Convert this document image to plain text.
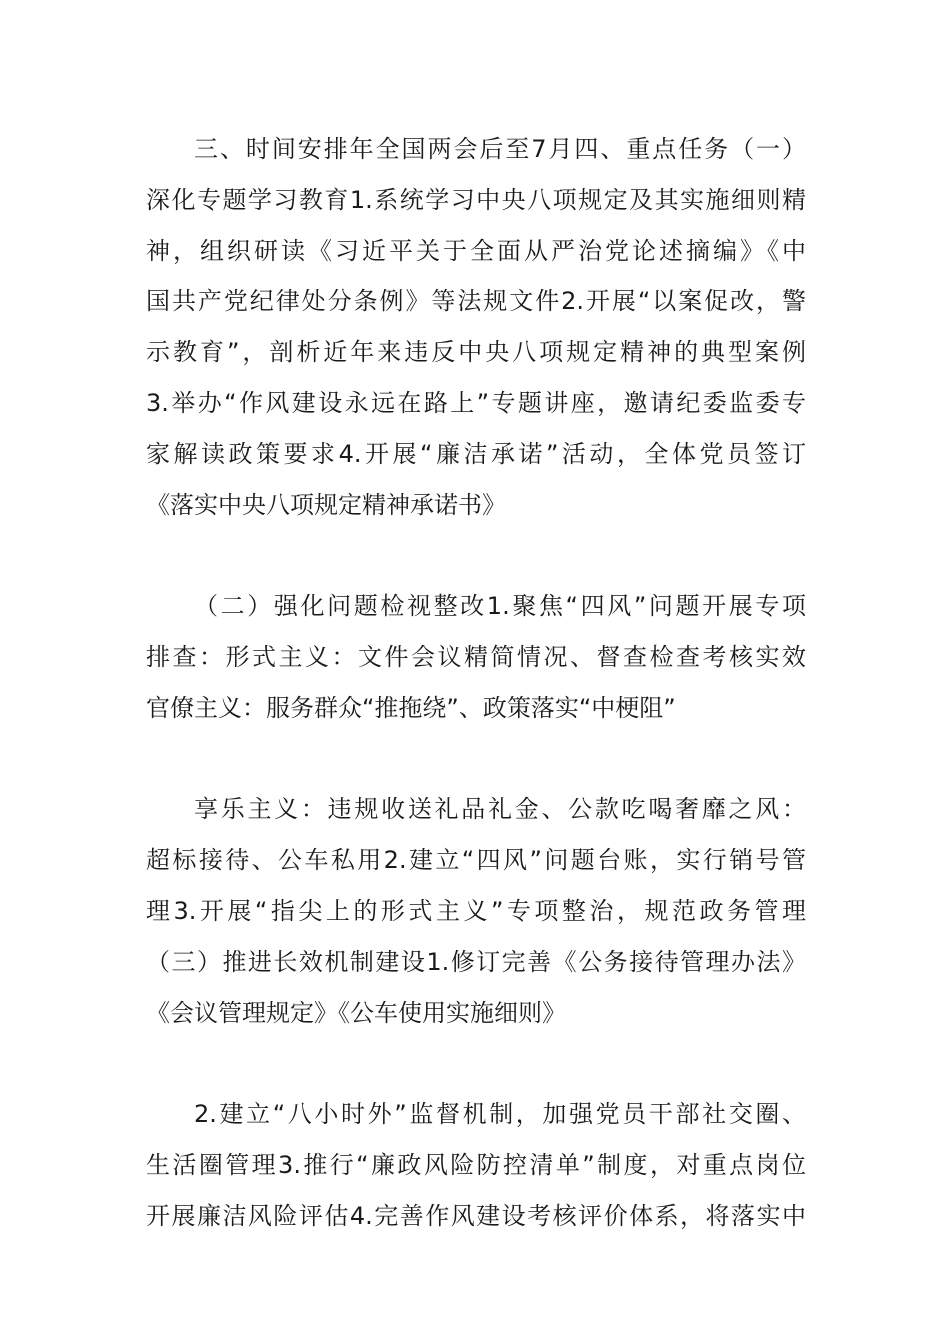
三、时间安排年全国两会后至7月四、重点任务（一）
深化专题学习教育1.系统学习中央八项规定及其实施细则精
神，组织研读《习近平关于全面从严治党论述摘编》《中
国共产党纪律处分条例》等法规文件2.开展“以案促改，警
示教育”，剖析近年来违反中央八项规定精神的典型案例
3.举办“作风建设永远在路上”专题讲座，邀请纪委监委专
家解读政策要求4.开展“廉洁承诺”活动，全体党员签订
《落实中央八项规定精神承诺书》
（二）强化问题检视整改1.聚焦“四风”问题开展专项
排查：形式主义：文件会议精简情况、督查检查考核实效
官僚主义：服务群众“推拖绕”、政策落实“中梗阻”
享乐主义：违规收送礼品礼金、公款吃喝奢靡之风：
超标接待、公车私用2.建立“四风”问题台账，实行销号管
理3.开展“指尖上的形式主义”专项整治，规范政务管理
（三）推进长效机制建设1.修订完善《公务接待管理办法》
《会议管理规定》《公车使用实施细则》
2.建立“八小时外”监督机制，加强党员干部社交圈、
生活圈管理3.推行“廉政风险防控清单”制度，对重点岗位
开展廉洁风险评估4.完善作风建设考核评价体系，将落实中
